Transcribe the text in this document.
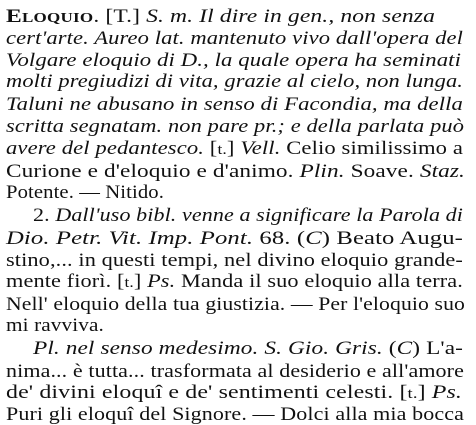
Eloquio. [T.] S. m. Il dire in gen., non senza
cert'arte. Aureo lat. mantenuto vivo dall'opera del
Volgare eloquio di D., la quale opera ha seminati
molti pregiudizi di vita, grazie al cielo, non lunga.
Taluni ne abusano in senso di Facondia, ma della
scritta segnatam. non pare pr.; e della parlata può
avere del pedantesco. [t.] Vell. Celio similissimo a
Curione e d'eloquio e d'animo. Plin. Soave. Staz.
Potente. — Nitido.
2. Dall'uso bibl. venne a significare la Parola di
Dio. Petr. Vit. Imp. Pont. 68. (C) Beato Augu-
stino,... in questi tempi, nel divino eloquio grande-
mente fiorì. [t.] Ps. Manda il suo eloquio alla terra.
Nell' eloquio della tua giustizia. — Per l'eloquio suo
mi ravviva.
Pl. nel senso medesimo. S. Gio. Gris. (C) L'a-
nima... è tutta... trasformata al desiderio e all'amore
de' divini eloquî e de' sentimenti celesti. [t.] Ps.
Puri gli eloquî del Signore. — Dolci alla mia bocca
